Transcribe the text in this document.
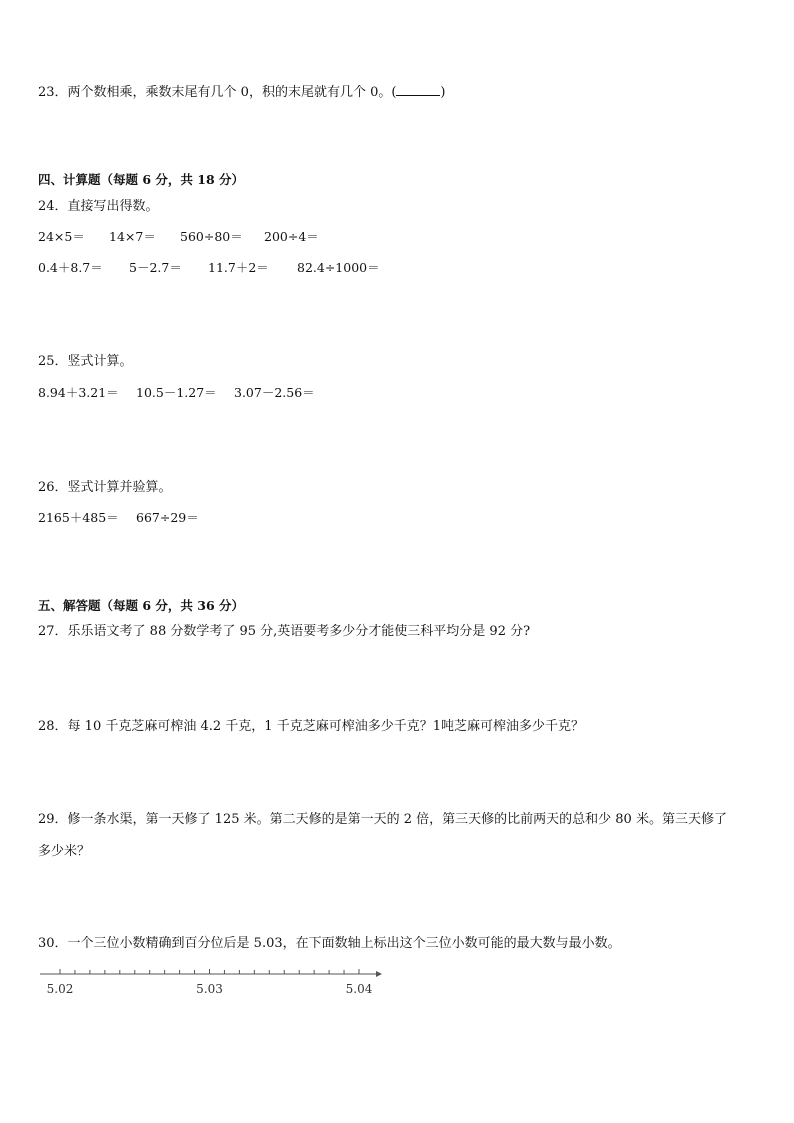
23．两个数相乘，乘数末尾有几个 0，积的末尾就有几个 0。(	)
四、计算题（每题 6 分，共 18 分）
24．直接写出得数。
24×5＝ 14×7＝ 560÷80＝ 200÷4＝
0.4＋8.7＝ 5－2.7＝ 11.7＋2＝ 82.4÷1000＝
25．竖式计算。
8.94＋3.21＝ 10.5－1.27＝ 3.07－2.56＝
26．竖式计算并验算。
2165＋485＝ 667÷29＝
五、解答题（每题 6 分，共 36 分）
27．乐乐语文考了 88 分数学考了 95 分,英语要考多少分才能使三科平均分是 92 分?
28．每 10 千克芝麻可榨油 4.2 千克，1 千克芝麻可榨油多少千克？1吨芝麻可榨油多少千克？
29．修一条水渠，第一天修了 125 米。第二天修的是第一天的 2 倍，第三天修的比前两天的总和少 80 米。第三天修了
多少米？
30．一个三位小数精确到百分位后是 5.03，在下面数轴上标出这个三位小数可能的最大数与最小数。
5.02	5.03	5.04
